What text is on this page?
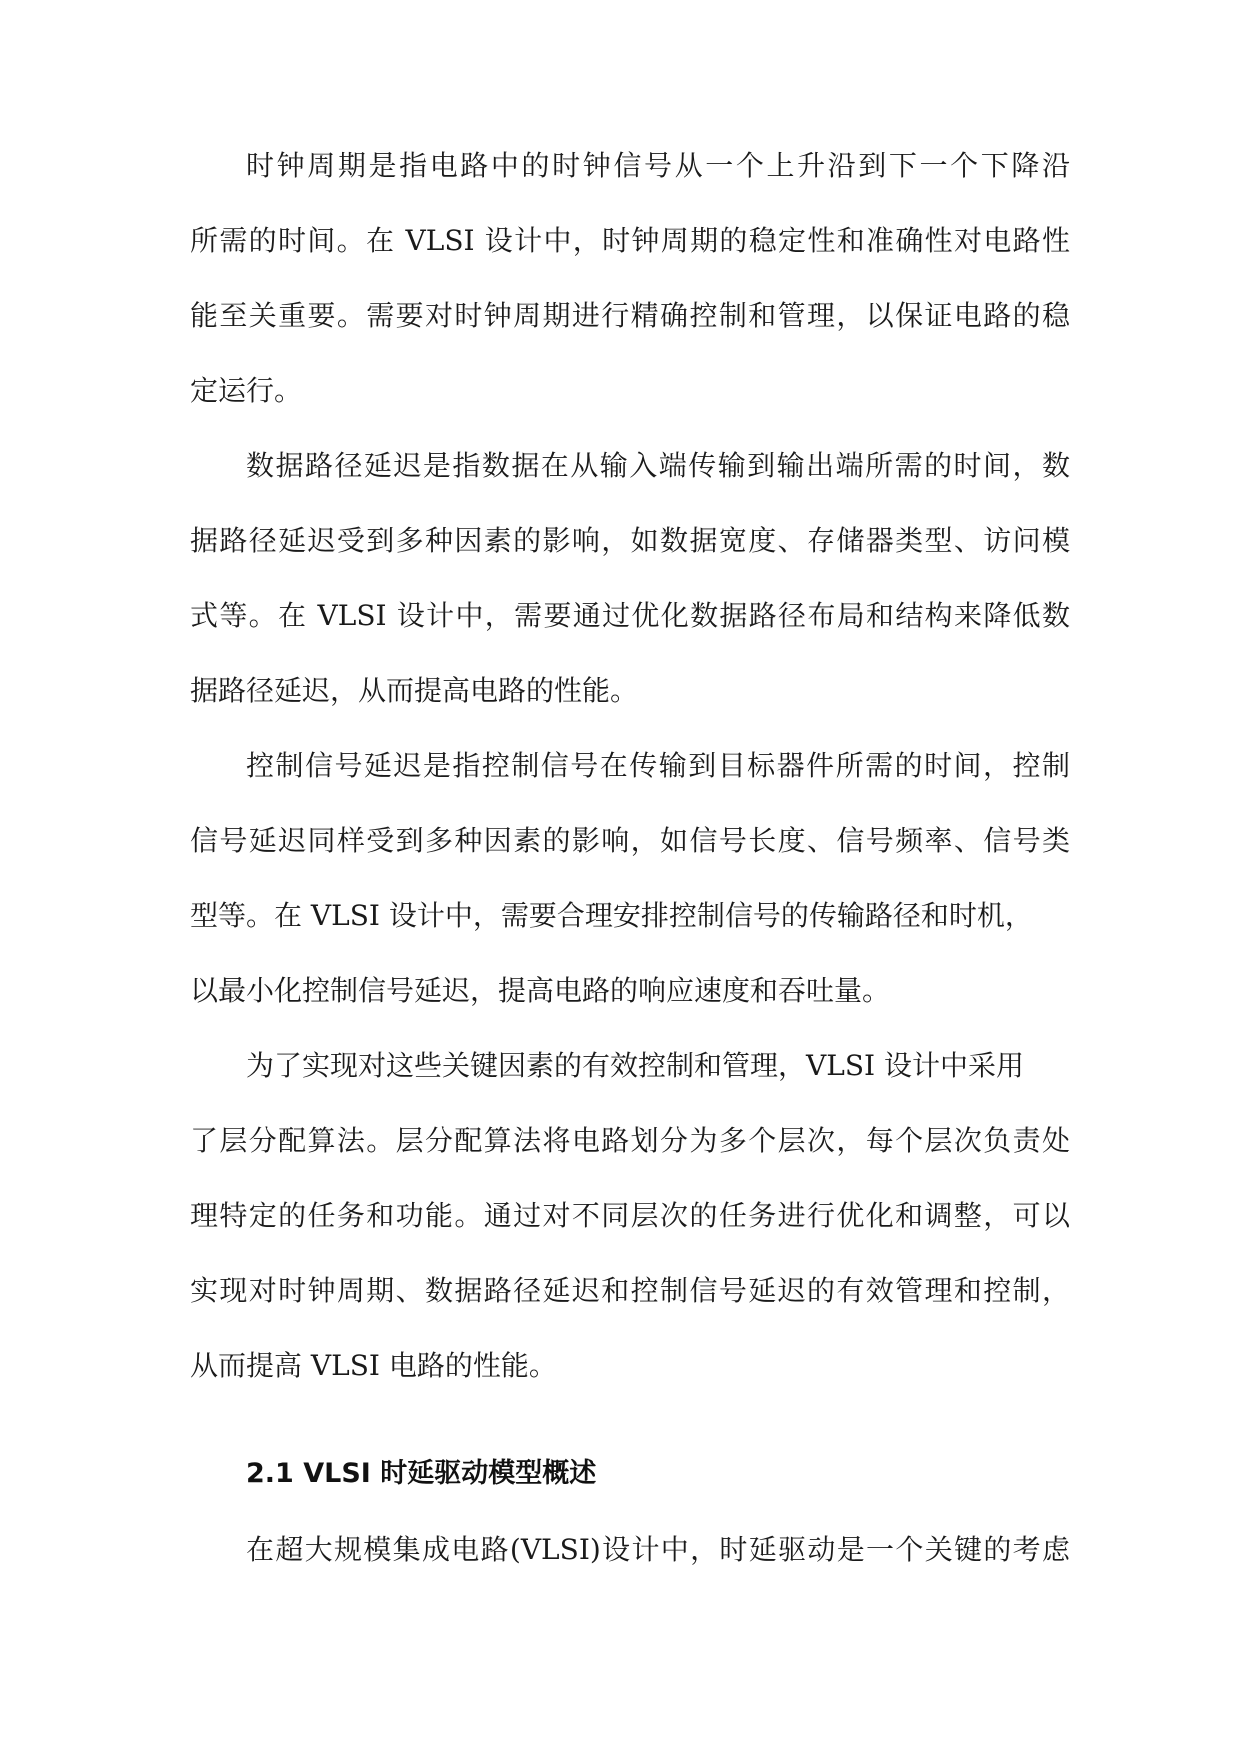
时钟周期是指电路中的时钟信号从一个上升沿到下一个下降沿
所需的时间。在 VLSI 设计中，时钟周期的稳定性和准确性对电路性
能至关重要。需要对时钟周期进行精确控制和管理，以保证电路的稳
定运行。
数据路径延迟是指数据在从输入端传输到输出端所需的时间，数
据路径延迟受到多种因素的影响，如数据宽度、存储器类型、访问模
式等。在 VLSI 设计中，需要通过优化数据路径布局和结构来降低数
据路径延迟，从而提高电路的性能。
控制信号延迟是指控制信号在传输到目标器件所需的时间，控制
信号延迟同样受到多种因素的影响，如信号长度、信号频率、信号类
型等。在 VLSI 设计中，需要合理安排控制信号的传输路径和时机，
以最小化控制信号延迟，提高电路的响应速度和吞吐量。
为了实现对这些关键因素的有效控制和管理，VLSI 设计中采用
了层分配算法。层分配算法将电路划分为多个层次，每个层次负责处
理特定的任务和功能。通过对不同层次的任务进行优化和调整，可以
实现对时钟周期、数据路径延迟和控制信号延迟的有效管理和控制，
从而提高 VLSI 电路的性能。
2.1 VLSI 时延驱动模型概述
在超大规模集成电路(VLSI)设计中，时延驱动是一个关键的考虑
